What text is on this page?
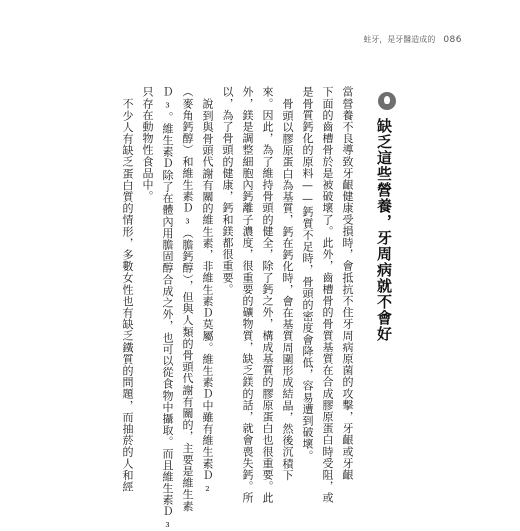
蛀牙，是牙醫造成的 086
缺乏這些營養，牙周病就不會好
當營養不良導致牙齦健康受損時，會抵抗不住牙周病原菌的攻擊，牙齦或牙齦
下面的齒槽骨於是被破壞了。此外，齒槽骨的骨質基質在合成膠原蛋白時受阻，或
是骨質鈣化的原料——鈣質不足時，骨頭的密度會降低，容易遭到破壞。
骨頭以膠原蛋白為基質，鈣在鈣化時，會在基質周圍形成結晶，然後沉積下
來。因此，為了維持骨頭的健全，除了鈣之外，構成基質的膠原蛋白也很重要。此
外，鎂是調整細胞內鈣離子濃度，很重要的礦物質，缺乏鎂的話，就會喪失鈣。所
以，為了骨頭的健康，鈣和鎂都很重要。
說到與骨頭代謝有關的維生素，非維生素Ｄ莫屬。維生素Ｄ中雖有維生素Ｄ₂
（麥角鈣醇）和維生素Ｄ₃（膽鈣醇），但與人類的骨頭代謝有關的，主要是維生素
Ｄ₃。維生素Ｄ除了在體內用膽固醇合成之外，也可以從食物中攝取。而且維生素Ｄ₃
只存在動物性食品中。
不少人有缺乏蛋白質的情形，多數女性也有缺乏鐵質的問題，而抽菸的人和經
